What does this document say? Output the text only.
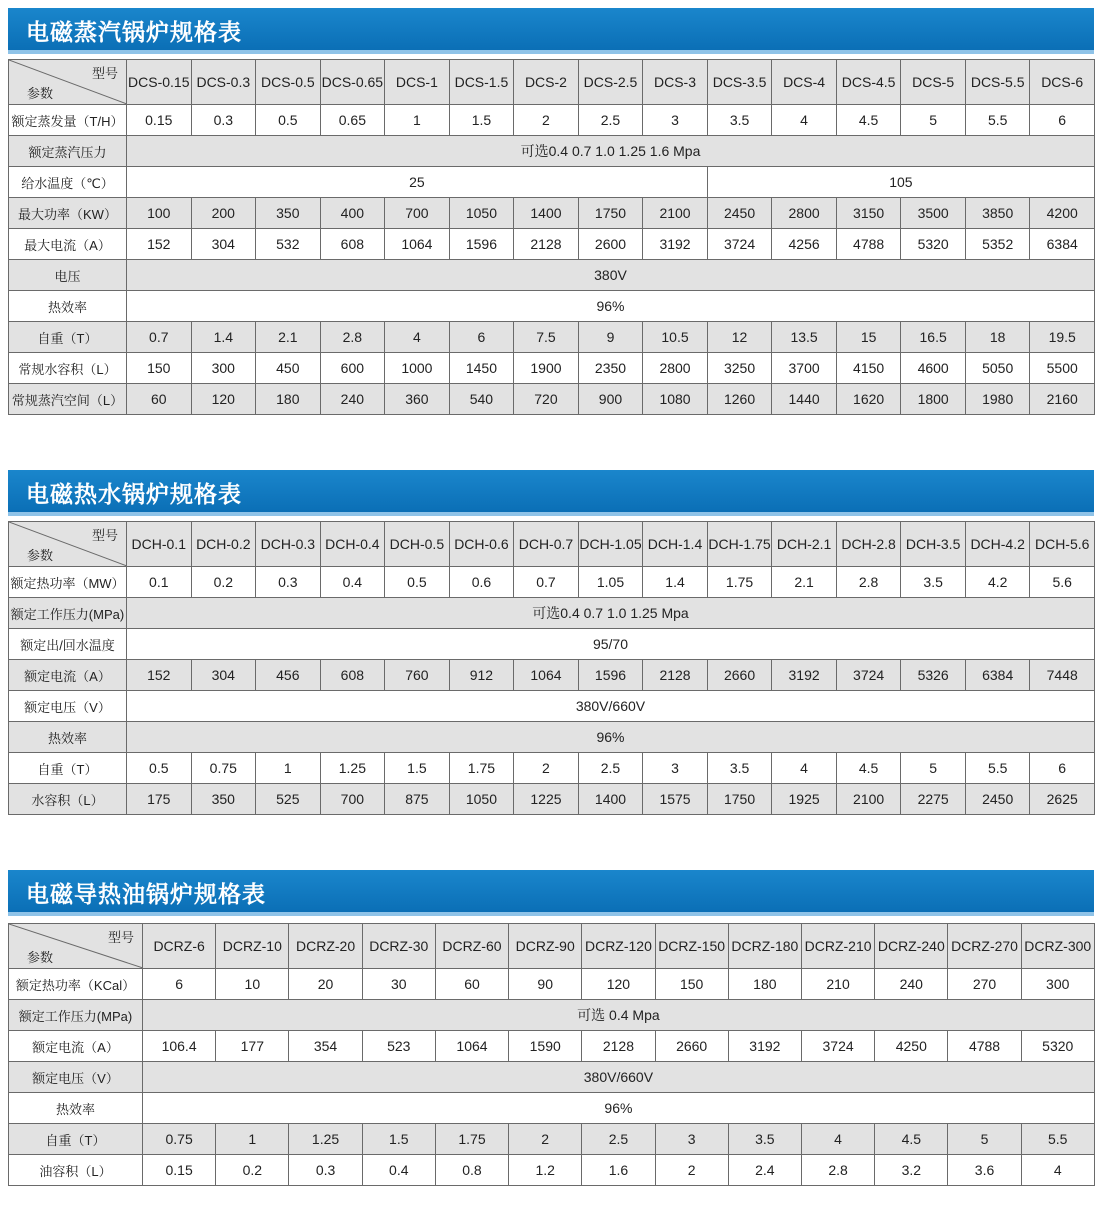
电磁蒸汽锅炉规格表
型号
参数	DCS-0.15	DCS-0.3	DCS-0.5	DCS-0.65	DCS-1	DCS-1.5	DCS-2	DCS-2.5	DCS-3	DCS-3.5	DCS-4	DCS-4.5	DCS-5	DCS-5.5	DCS-6
额定蒸发量（T/H）	0.15	0.3	0.5	0.65	1	1.5	2	2.5	3	3.5	4	4.5	5	5.5	6
额定蒸汽压力	可选0.4 0.7 1.0 1.25 1.6 Mpa														
给水温度（℃）	25									105					
最大功率（KW）	100	200	350	400	700	1050	1400	1750	2100	2450	2800	3150	3500	3850	4200
最大电流（A）	152	304	532	608	1064	1596	2128	2600	3192	3724	4256	4788	5320	5352	6384
电压	380V														
热效率	96%														
自重（T）	0.7	1.4	2.1	2.8	4	6	7.5	9	10.5	12	13.5	15	16.5	18	19.5
常规水容积（L）	150	300	450	600	1000	1450	1900	2350	2800	3250	3700	4150	4600	5050	5500
常规蒸汽空间（L）	60	120	180	240	360	540	720	900	1080	1260	1440	1620	1800	1980	2160
电磁热水锅炉规格表
型号
参数	DCH-0.1	DCH-0.2	DCH-0.3	DCH-0.4	DCH-0.5	DCH-0.6	DCH-0.7	DCH-1.05	DCH-1.4	DCH-1.75	DCH-2.1	DCH-2.8	DCH-3.5	DCH-4.2	DCH-5.6
额定热功率（MW）	0.1	0.2	0.3	0.4	0.5	0.6	0.7	1.05	1.4	1.75	2.1	2.8	3.5	4.2	5.6
额定工作压力(MPa)	可选0.4 0.7 1.0 1.25 Mpa														
额定出/回水温度	95/70														
额定电流（A）	152	304	456	608	760	912	1064	1596	2128	2660	3192	3724	5326	6384	7448
额定电压（V）	380V/660V														
热效率	96%														
自重（T）	0.5	0.75	1	1.25	1.5	1.75	2	2.5	3	3.5	4	4.5	5	5.5	6
水容积（L）	175	350	525	700	875	1050	1225	1400	1575	1750	1925	2100	2275	2450	2625
电磁导热油锅炉规格表
型号
参数	DCRZ-6	DCRZ-10	DCRZ-20	DCRZ-30	DCRZ-60	DCRZ-90	DCRZ-120	DCRZ-150	DCRZ-180	DCRZ-210	DCRZ-240	DCRZ-270	DCRZ-300
额定热功率（KCal）	6	10	20	30	60	90	120	150	180	210	240	270	300
额定工作压力(MPa)	可选 0.4 Mpa												
额定电流（A）	106.4	177	354	523	1064	1590	2128	2660	3192	3724	4250	4788	5320
额定电压（V）	380V/660V												
热效率	96%												
自重（T）	0.75	1	1.25	1.5	1.75	2	2.5	3	3.5	4	4.5	5	5.5
油容积（L）	0.15	0.2	0.3	0.4	0.8	1.2	1.6	2	2.4	2.8	3.2	3.6	4
